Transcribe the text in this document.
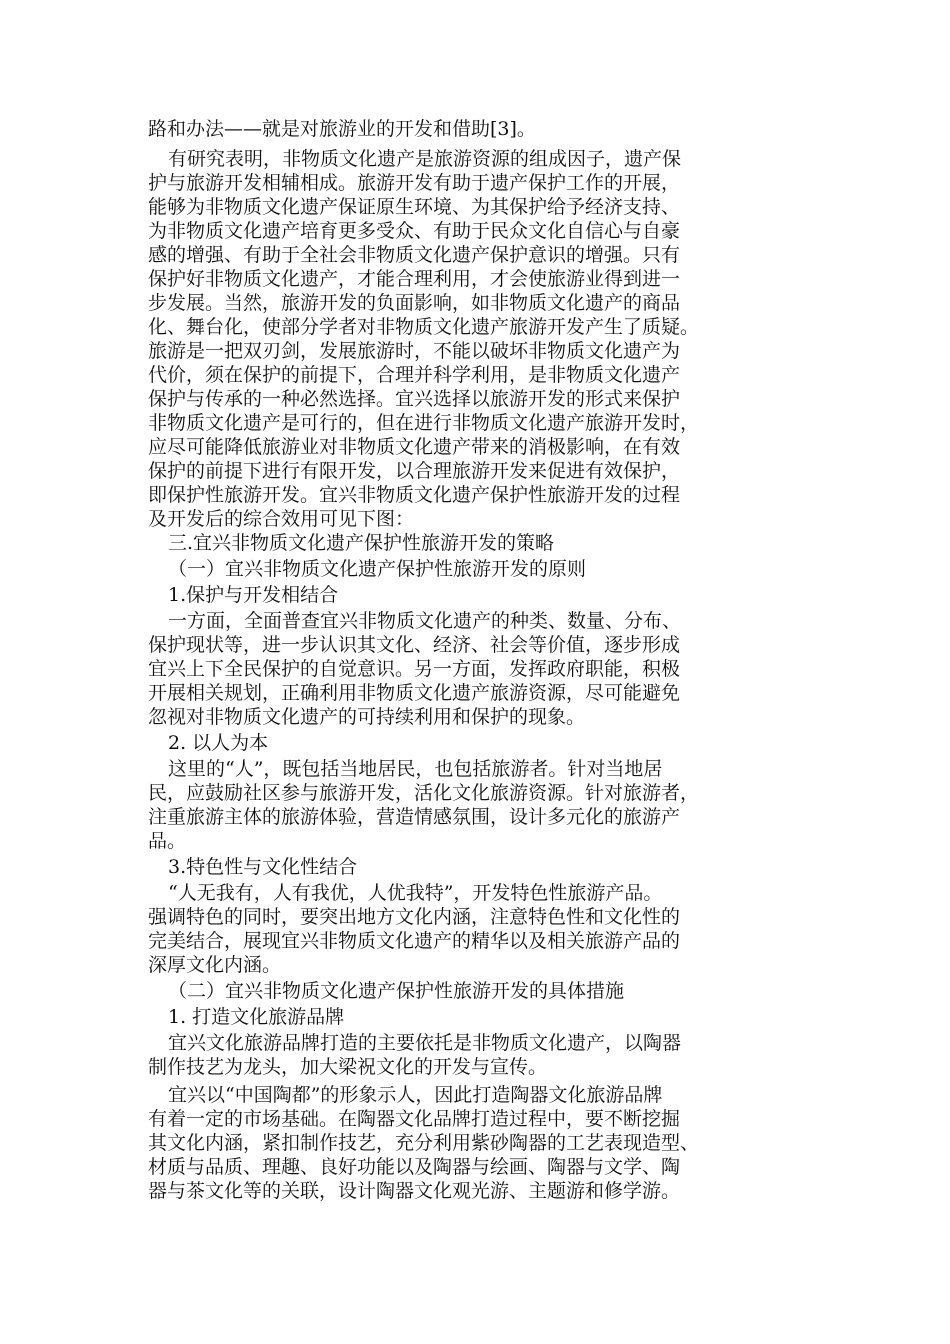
路和办法——就是对旅游业的开发和借助[3]。
有研究表明，非物质文化遗产是旅游资源的组成因子，遗产保
护与旅游开发相辅相成。旅游开发有助于遗产保护工作的开展，
能够为非物质文化遗产保证原生环境、为其保护给予经济支持、
为非物质文化遗产培育更多受众、有助于民众文化自信心与自豪
感的增强、有助于全社会非物质文化遗产保护意识的增强。只有
保护好非物质文化遗产，才能合理利用，才会使旅游业得到进一
步发展。当然，旅游开发的负面影响，如非物质文化遗产的商品
化、舞台化，使部分学者对非物质文化遗产旅游开发产生了质疑。
旅游是一把双刃剑，发展旅游时，不能以破坏非物质文化遗产为
代价，须在保护的前提下，合理并科学利用，是非物质文化遗产
保护与传承的一种必然选择。宜兴选择以旅游开发的形式来保护
非物质文化遗产是可行的，但在进行非物质文化遗产旅游开发时，
应尽可能降低旅游业对非物质文化遗产带来的消极影响，在有效
保护的前提下进行有限开发，以合理旅游开发来促进有效保护，
即保护性旅游开发。宜兴非物质文化遗产保护性旅游开发的过程
及开发后的综合效用可见下图：
三.宜兴非物质文化遗产保护性旅游开发的策略
（一）宜兴非物质文化遗产保护性旅游开发的原则
1.保护与开发相结合
一方面，全面普查宜兴非物质文化遗产的种类、数量、分布、
保护现状等，进一步认识其文化、经济、社会等价值，逐步形成
宜兴上下全民保护的自觉意识。另一方面，发挥政府职能，积极
开展相关规划，正确利用非物质文化遗产旅游资源，尽可能避免
忽视对非物质文化遗产的可持续利用和保护的现象。
2. 以人为本
这里的“人”，既包括当地居民，也包括旅游者。针对当地居
民，应鼓励社区参与旅游开发，活化文化旅游资源。针对旅游者，
注重旅游主体的旅游体验，营造情感氛围，设计多元化的旅游产
品。
3.特色性与文化性结合
“人无我有，人有我优，人优我特”，开发特色性旅游产品。
强调特色的同时，要突出地方文化内涵，注意特色性和文化性的
完美结合，展现宜兴非物质文化遗产的精华以及相关旅游产品的
深厚文化内涵。
（二）宜兴非物质文化遗产保护性旅游开发的具体措施
1. 打造文化旅游品牌
宜兴文化旅游品牌打造的主要依托是非物质文化遗产，以陶器
制作技艺为龙头，加大梁祝文化的开发与宣传。
宜兴以“中国陶都”的形象示人，因此打造陶器文化旅游品牌
有着一定的市场基础。在陶器文化品牌打造过程中，要不断挖掘
其文化内涵，紧扣制作技艺，充分利用紫砂陶器的工艺表现造型、
材质与品质、理趣、良好功能以及陶器与绘画、陶器与文学、陶
器与茶文化等的关联，设计陶器文化观光游、主题游和修学游。
